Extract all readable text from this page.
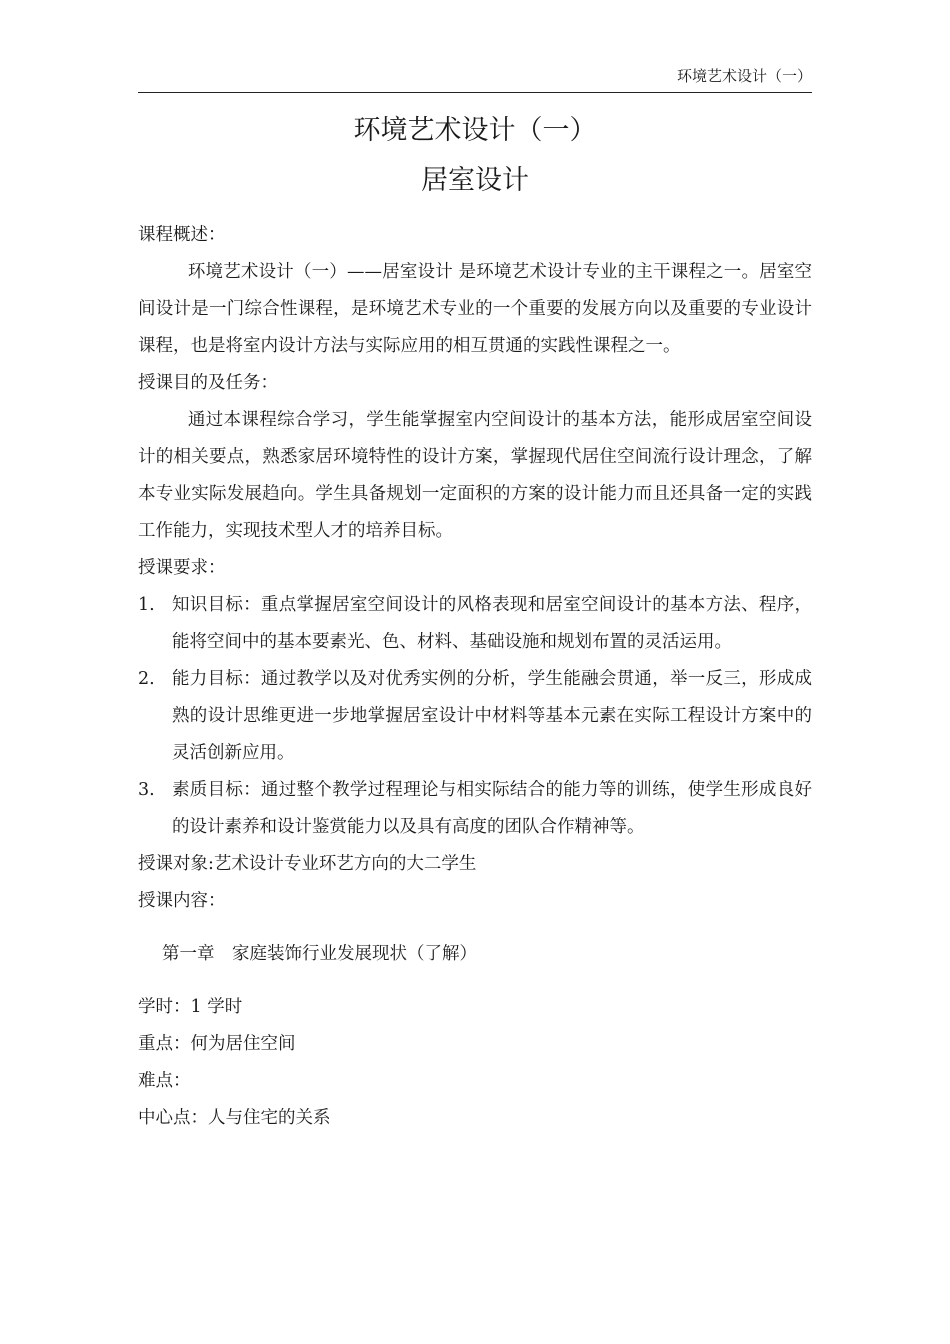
环境艺术设计（一）
环境艺术设计（一）
居室设计

课程概述：

环境艺术设计（一）——居室设计 是环境艺术设计专业的主干课程之一。居室空间设计是一门综合性课程，是环境艺术专业的一个重要的发展方向以及重要的专业设计课程，也是将室内设计方法与实际应用的相互贯通的实践性课程之一。

授课目的及任务：

通过本课程综合学习，学生能掌握室内空间设计的基本方法，能形成居室空间设计的相关要点，熟悉家居环境特性的设计方案，掌握现代居住空间流行设计理念，了解本专业实际发展趋向。学生具备规划一定面积的方案的设计能力而且还具备一定的实践工作能力，实现技术型人才的培养目标。

授课要求：

1. 知识目标：重点掌握居室空间设计的风格表现和居室空间设计的基本方法、程序，能将空间中的基本要素光、色、材料、基础设施和规划布置的灵活运用。
2. 能力目标：通过教学以及对优秀实例的分析，学生能融会贯通，举一反三，形成成熟的设计思维更进一步地掌握居室设计中材料等基本元素在实际工程设计方案中的灵活创新应用。
3. 素质目标：通过整个教学过程理论与相实际结合的能力等的训练，使学生形成良好的设计素养和设计鉴赏能力以及具有高度的团队合作精神等。

授课对象:艺术设计专业环艺方向的大二学生

授课内容：

第一章　家庭装饰行业发展现状（了解）

学时：1 学时

重点：何为居住空间

难点：

中心点：人与住宅的关系
